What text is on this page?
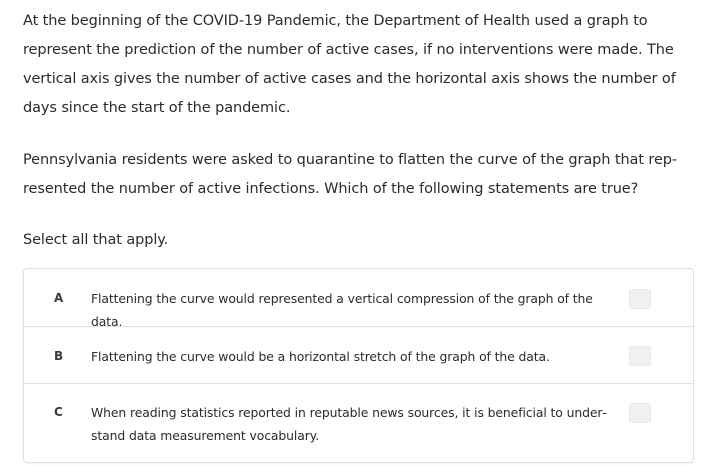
At the beginning of the COVID-19 Pandemic, the Department of Health used a graph to represent the prediction of the number of active cases, if no interventions were made. The vertical axis gives the number of active cases and the horizontal axis shows the number of days since the start of the pandemic.

Pennsylvania residents were asked to quarantine to flatten the curve of the graph that represented the number of active infections. Which of the following statements are true?

Select all that apply.

A Flattening the curve would represented a vertical compression of the graph of the data.
B Flattening the curve would be a horizontal stretch of the graph of the data.
C When reading statistics reported in reputable news sources, it is beneficial to understand data measurement vocabulary.
